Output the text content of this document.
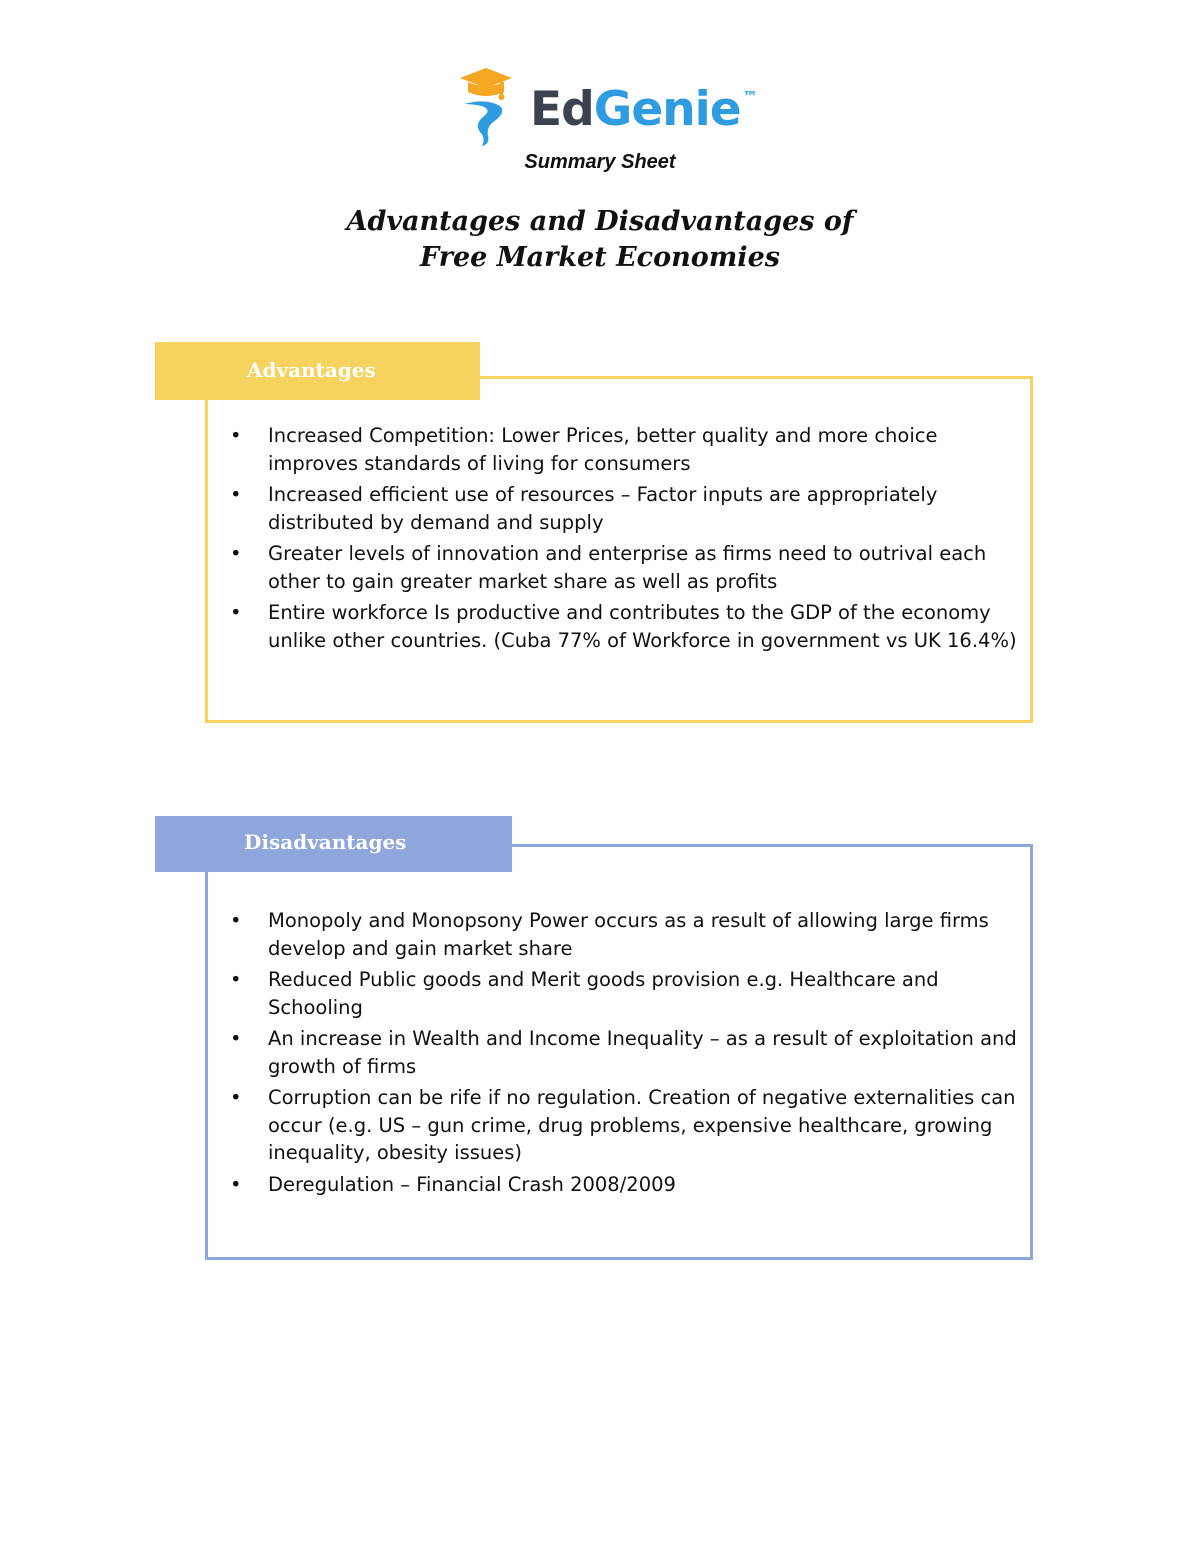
EdGenie ™
Summary Sheet
Advantages and Disadvantages of
Free Market Economies
Advantages
• Increased Competition: Lower Prices, better quality and more choice improves standards of living for consumers
• Increased efficient use of resources – Factor inputs are appropriately distributed by demand and supply
• Greater levels of innovation and enterprise as firms need to outrival each other to gain greater market share as well as profits
• Entire workforce Is productive and contributes to the GDP of the economy unlike other countries. (Cuba 77% of Workforce in government vs UK 16.4%)
Disadvantages
• Monopoly and Monopsony Power occurs as a result of allowing large firms develop and gain market share
• Reduced Public goods and Merit goods provision e.g. Healthcare and Schooling
• An increase in Wealth and Income Inequality – as a result of exploitation and growth of firms
• Corruption can be rife if no regulation. Creation of negative externalities can occur (e.g. US – gun crime, drug problems, expensive healthcare, growing inequality, obesity issues)
• Deregulation – Financial Crash 2008/2009
